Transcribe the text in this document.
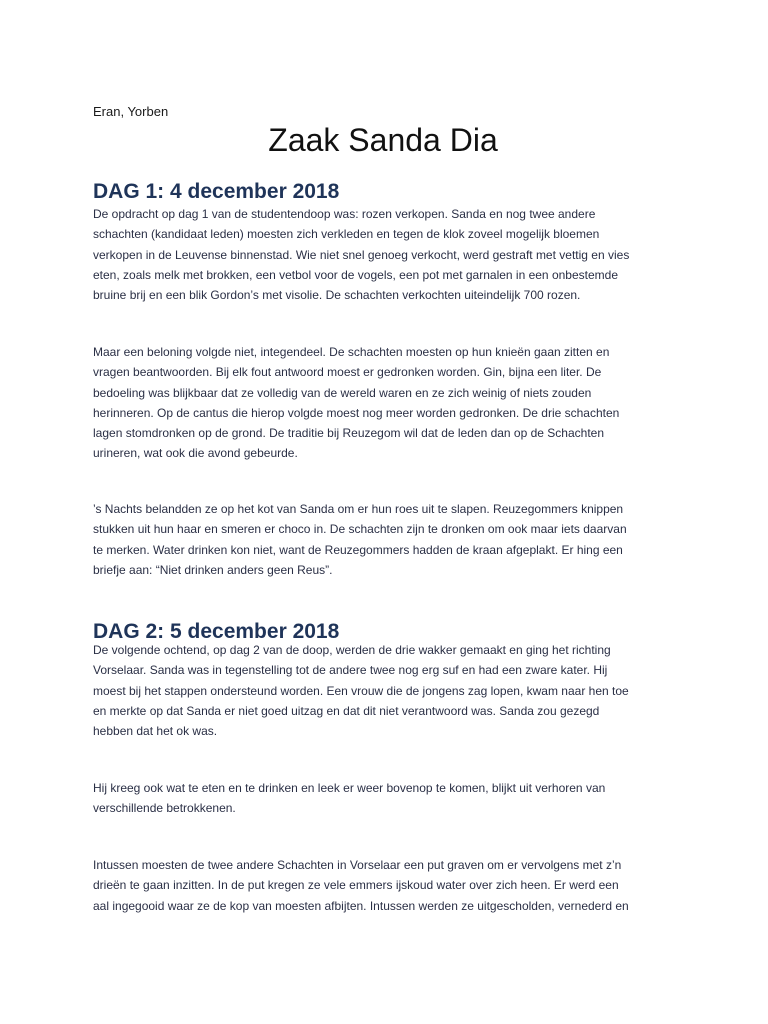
Eran, Yorben
Zaak Sanda Dia
DAG 1: 4 december 2018

De opdracht op dag 1 van de studentendoop was: rozen verkopen. Sanda en nog twee andere
schachten (kandidaat leden) moesten zich verkleden en tegen de klok zoveel mogelijk bloemen
verkopen in de Leuvense binnenstad. Wie niet snel genoeg verkocht, werd gestraft met vettig en vies
eten, zoals melk met brokken, een vetbol voor de vogels, een pot met garnalen in een onbestemde
bruine brij en een blik Gordon’s met visolie. De schachten verkochten uiteindelijk 700 rozen.

Maar een beloning volgde niet, integendeel. De schachten moesten op hun knieën gaan zitten en
vragen beantwoorden. Bij elk fout antwoord moest er gedronken worden. Gin, bijna een liter. De
bedoeling was blijkbaar dat ze volledig van de wereld waren en ze zich weinig of niets zouden
herinneren. Op de cantus die hierop volgde moest nog meer worden gedronken. De drie schachten
lagen stomdronken op de grond. De traditie bij Reuzegom wil dat de leden dan op de Schachten
urineren, wat ook die avond gebeurde.

’s Nachts belandden ze op het kot van Sanda om er hun roes uit te slapen. Reuzegommers knippen
stukken uit hun haar en smeren er choco in. De schachten zijn te dronken om ook maar iets daarvan
te merken. Water drinken kon niet, want de Reuzegommers hadden de kraan afgeplakt. Er hing een
briefje aan: “Niet drinken anders geen Reus”.

DAG 2: 5 december 2018

De volgende ochtend, op dag 2 van de doop, werden de drie wakker gemaakt en ging het richting
Vorselaar. Sanda was in tegenstelling tot de andere twee nog erg suf en had een zware kater. Hij
moest bij het stappen ondersteund worden. Een vrouw die de jongens zag lopen, kwam naar hen toe
en merkte op dat Sanda er niet goed uitzag en dat dit niet verantwoord was. Sanda zou gezegd
hebben dat het ok was.

Hij kreeg ook wat te eten en te drinken en leek er weer bovenop te komen, blijkt uit verhoren van
verschillende betrokkenen.

Intussen moesten de twee andere Schachten in Vorselaar een put graven om er vervolgens met z’n
drieën te gaan inzitten. In de put kregen ze vele emmers ijskoud water over zich heen. Er werd een
aal ingegooid waar ze de kop van moesten afbijten. Intussen werden ze uitgescholden, vernederd en
